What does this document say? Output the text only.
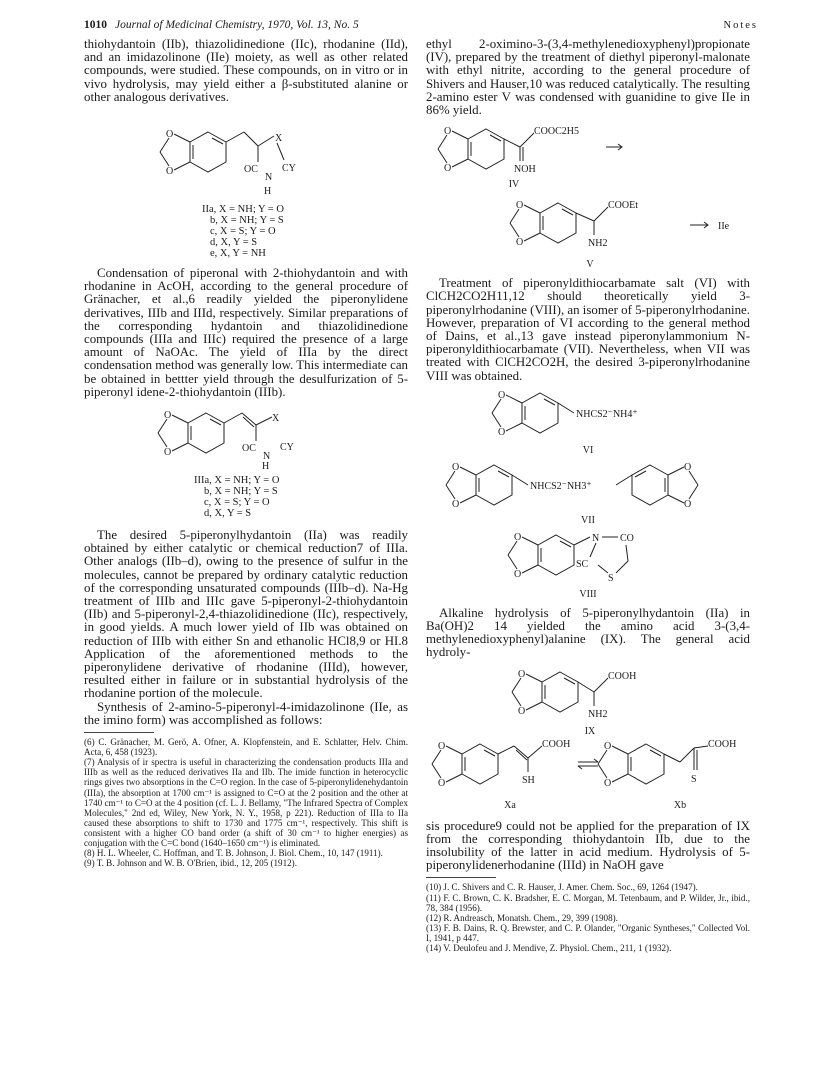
1010 Journal of Medicinal Chemistry, 1970, Vol. 13, No. 5	Notes

thiohydantoin (IIb), thiazolidinedione (IIc), rhodanine (IId), and an imidazolinone (IIe) moiety, as well as other related compounds, were studied. These compounds, on in vitro or in vivo hydrolysis, may yield either a β-substituted alanine or other analogous derivatives.

O
O
X
OC
N
CY
H
IIa, X = NH; Y = O
b, X = NH; Y = S
c, X = S; Y = O
d, X, Y = S
e, X, Y = NH

Condensation of piperonal with 2-thiohydantoin and with rhodanine in AcOH, according to the general procedure of Gränacher, et al.,6 readily yielded the piperonylidene derivatives, IIIb and IIId, respectively. Similar preparations of the corresponding hydantoin and thiazolidinedione compounds (IIIa and IIIc) required the presence of a large amount of NaOAc. The yield of IIIa by the direct condensation method was generally low. This intermediate can be obtained in bettter yield through the desulfurization of 5-piperonyl idene-2-thiohydantoin (IIIb).

O
O
X
OC
N
CY
H
IIIa, X = NH; Y = O
b, X = NH; Y = S
c, X = S; Y = O
d, X, Y = S

The desired 5-piperonylhydantoin (IIa) was readily obtained by either catalytic or chemical reduction7 of IIIa. Other analogs (IIb–d), owing to the presence of sulfur in the molecules, cannot be prepared by ordinary catalytic reduction of the corresponding unsaturated compounds (IIIb–d). Na-Hg treatment of IIIb and IIIc gave 5-piperonyl-2-thiohydantoin (IIb) and 5-piperonyl-2,4-thiazolidinedione (IIc), respectively, in good yields. A much lower yield of IIb was obtained on reduction of IIIb with either Sn and ethanolic HCl8,9 or HI.8 Application of the aforementioned methods to the piperonylidene derivative of rhodanine (IIId), however, resulted either in failure or in substantial hydrolysis of the rhodanine portion of the molecule.

Synthesis of 2-amino-5-piperonyl-4-imidazolinone (IIe, as the imino form) was accomplished as follows:

(6) C. Gränacher, M. Gerö, A. Ofner, A. Klopfenstein, and E. Schlatter, Helv. Chim. Acta, 6, 458 (1923).

(7) Analysis of ir spectra is useful in characterizing the condensation products IIIa and IIIb as well as the reduced derivatives IIa and IIb. The imide function in heterocyclic rings gives two absorptions in the C=O region. In the case of 5-piperonylidenehydantoin (IIIa), the absorption at 1700 cm⁻¹ is assigned to C=O at the 2 position and the other at 1740 cm⁻¹ to C=O at the 4 position (cf. L. J. Bellamy, "The Infrared Spectra of Complex Molecules," 2nd ed, Wiley, New York, N. Y., 1958, p 221). Reduction of IIIa to IIa caused these absorptions to shift to 1730 and 1775 cm⁻¹, respectively. This shift is consistent with a higher CO band order (a shift of 30 cm⁻¹ to higher energies) as conjugation with the C=C bond (1640–1650 cm⁻¹) is eliminated.

(8) H. L. Wheeler, C. Hoffman, and T. B. Johnson, J. Biol. Chem., 10, 147 (1911).

(9) T. B. Johnson and W. B. O'Brien, ibid., 12, 205 (1912).

ethyl 2-oximino-3-(3,4-methylenedioxyphenyl)propionate (IV), prepared by the treatment of diethyl piperonyl-malonate with ethyl nitrite, according to the general procedure of Shivers and Hauser,10 was reduced catalytically. The resulting 2-amino ester V was condensed with guanidine to give IIe in 86% yield.

O
O
COOC2H5
NOH
IV
O
O
COOEt
NH2
IIe
V

Treatment of piperonyldithiocarbamate salt (VI) with ClCH2CO2H11,12 should theoretically yield 3-piperonylrhodanine (VIII), an isomer of 5-piperonylrhodanine. However, preparation of VI according to the general method of Dains, et al.,13 gave instead piperonylammonium N-piperonyldithiocarbamate (VII). Nevertheless, when VII was treated with ClCH2CO2H, the desired 3-piperonylrhodanine VIII was obtained.

O
O
NHCS2⁻NH4⁺
VI
O
O
NHCS2⁻NH3⁺
O
O
VII
O
O
N CO
SC
S
VIII

Alkaline hydrolysis of 5-piperonylhydantoin (IIa) in Ba(OH)2 14 yielded the amino acid 3-(3,4-methylenedioxyphenyl)alanine (IX). The general acid hydroly-

O
O
COOH
NH2
IX
O
O
COOH
SH
Xa
O
O
COOH
S
Xb

sis procedure9 could not be applied for the preparation of IX from the corresponding thiohydantoin IIb, due to the insolubility of the latter in acid medium. Hydrolysis of 5-piperonylidenerhodanine (IIId) in NaOH gave

(10) J. C. Shivers and C. R. Hauser, J. Amer. Chem. Soc., 69, 1264 (1947).

(11) F. C. Brown, C. K. Bradsher, E. C. Morgan, M. Tetenbaum, and P. Wilder, Jr., ibid., 78, 384 (1956).

(12) R. Andreasch, Monatsh. Chem., 29, 399 (1908).

(13) F. B. Dains, R. Q. Brewster, and C. P. Olander, "Organic Syntheses," Collected Vol. I, 1941, p 447.

(14) V. Deulofeu and J. Mendive, Z. Physiol. Chem., 211, 1 (1932).
